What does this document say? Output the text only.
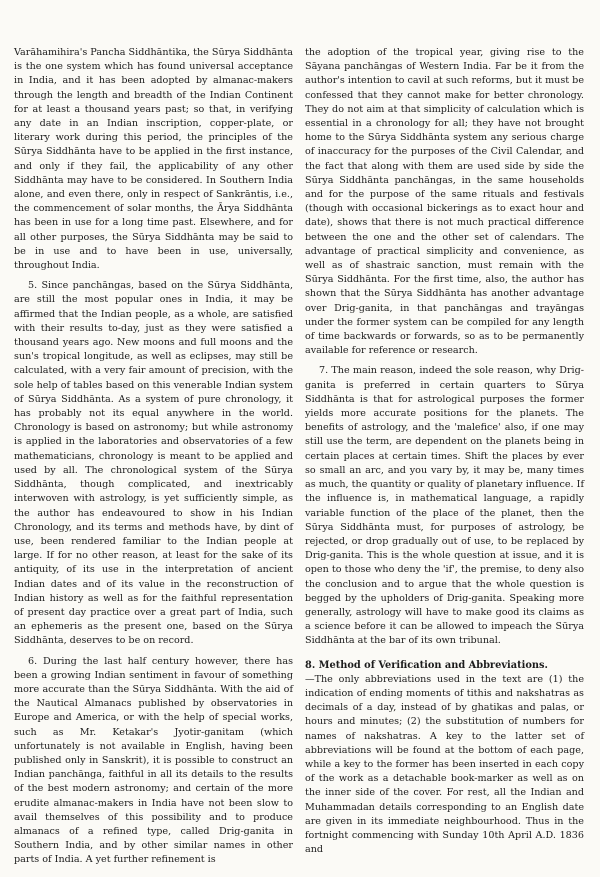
Varāhamihira's Pancha Siddhāntika, the Sūrya Siddhānta is the one system which has found universal acceptance in India, and it has been adopted by almanac-makers through the length and breadth of the Indian Continent for at least a thousand years past; so that, in verifying any date in an Indian inscription, copper-plate, or literary work during this period, the principles of the Sūrya Siddhānta have to be applied in the first instance, and only if they fail, the applicability of any other Siddhānta may have to be considered. In Southern India alone, and even there, only in respect of Sankrāntis, i.e., the commencement of solar months, the Ārya Siddhānta has been in use for a long time past. Elsewhere, and for all other purposes, the Sūrya Siddhānta may be said to be in use and to have been in use, universally, throughout India.

5. Since panchāngas, based on the Sūrya Siddhānta, are still the most popular ones in India, it may be affirmed that the Indian people, as a whole, are satisfied with their results to-day, just as they were satisfied a thousand years ago. New moons and full moons and the sun's tropical longitude, as well as eclipses, may still be calculated, with a very fair amount of precision, with the sole help of tables based on this venerable Indian system of Sūrya Siddhānta. As a system of pure chronology, it has probably not its equal anywhere in the world. Chronology is based on astronomy; but while astronomy is applied in the laboratories and observatories of a few mathematicians, chronology is meant to be applied and used by all. The chronological system of the Sūrya Siddhānta, though complicated, and inextricably interwoven with astrology, is yet sufficiently simple, as the author has endeavoured to show in his Indian Chronology, and its terms and methods have, by dint of use, been rendered familiar to the Indian people at large. If for no other reason, at least for the sake of its antiquity, of its use in the interpretation of ancient Indian dates and of its value in the reconstruction of Indian history as well as for the faithful representation of present day practice over a great part of India, such an ephemeris as the present one, based on the Sūrya Siddhānta, deserves to be on record.

6. During the last half century however, there has been a growing Indian sentiment in favour of something more accurate than the Sūrya Siddhānta. With the aid of the Nautical Almanacs published by observatories in Europe and America, or with the help of special works, such as Mr. Ketakar's Jyotir-ganitam (which unfortunately is not available in English, having been published only in Sanskrit), it is possible to construct an Indian panchānga, faithful in all its details to the results of the best modern astronomy; and certain of the more erudite almanac-makers in India have not been slow to avail themselves of this possibility and to produce almanacs of a refined type, called Drig-ganita in Southern India, and by other similar names in other parts of India. A yet further refinement is

the adoption of the tropical year, giving rise to the Sāyana panchāngas of Western India. Far be it from the author's intention to cavil at such reforms, but it must be confessed that they cannot make for better chronology. They do not aim at that simplicity of calculation which is essential in a chronology for all; they have not brought home to the Sūrya Siddhānta system any serious charge of inaccuracy for the purposes of the Civil Calendar, and the fact that along with them are used side by side the Sūrya Siddhānta panchāngas, in the same households and for the purpose of the same rituals and festivals (though with occasional bickerings as to exact hour and date), shows that there is not much practical difference between the one and the other set of calendars. The advantage of practical simplicity and convenience, as well as of shastraic sanction, must remain with the Sūrya Siddhānta. For the first time, also, the author has shown that the Sūrya Siddhānta has another advantage over Drig-ganita, in that panchāngas and trayāngas under the former system can be compiled for any length of time backwards or forwards, so as to be permanently available for reference or research.

7. The main reason, indeed the sole reason, why Drig-ganita is preferred in certain quarters to Sūrya Siddhānta is that for astrological purposes the former yields more accurate positions for the planets. The benefits of astrology, and the 'malefice' also, if one may still use the term, are dependent on the planets being in certain places at certain times. Shift the places by ever so small an arc, and you vary by, it may be, many times as much, the quantity or quality of planetary influence. If the influence is, in mathematical language, a rapidly variable function of the place of the planet, then the Sūrya Siddhānta must, for purposes of astrology, be rejected, or drop gradually out of use, to be replaced by Drig-ganita. This is the whole question at issue, and it is open to those who deny the 'if', the premise, to deny also the conclusion and to argue that the whole question is begged by the upholders of Drig-ganita. Speaking more generally, astrology will have to make good its claims as a science before it can be allowed to impeach the Sūrya Siddhānta at the bar of its own tribunal.

8. Method of Verification and Abbreviations.

—The only abbreviations used in the text are (1) the indication of ending moments of tithis and nakshatras as decimals of a day, instead of by ghatikas and palas, or hours and minutes; (2) the substitution of numbers for names of nakshatras. A key to the latter set of abbreviations will be found at the bottom of each page, while a key to the former has been inserted in each copy of the work as a detachable book-marker as well as on the inner side of the cover. For rest, all the Indian and Muhammadan details corresponding to an English date are given in its immediate neighbourhood. Thus in the fortnight commencing with Sunday 10th April A.D. 1836 and
